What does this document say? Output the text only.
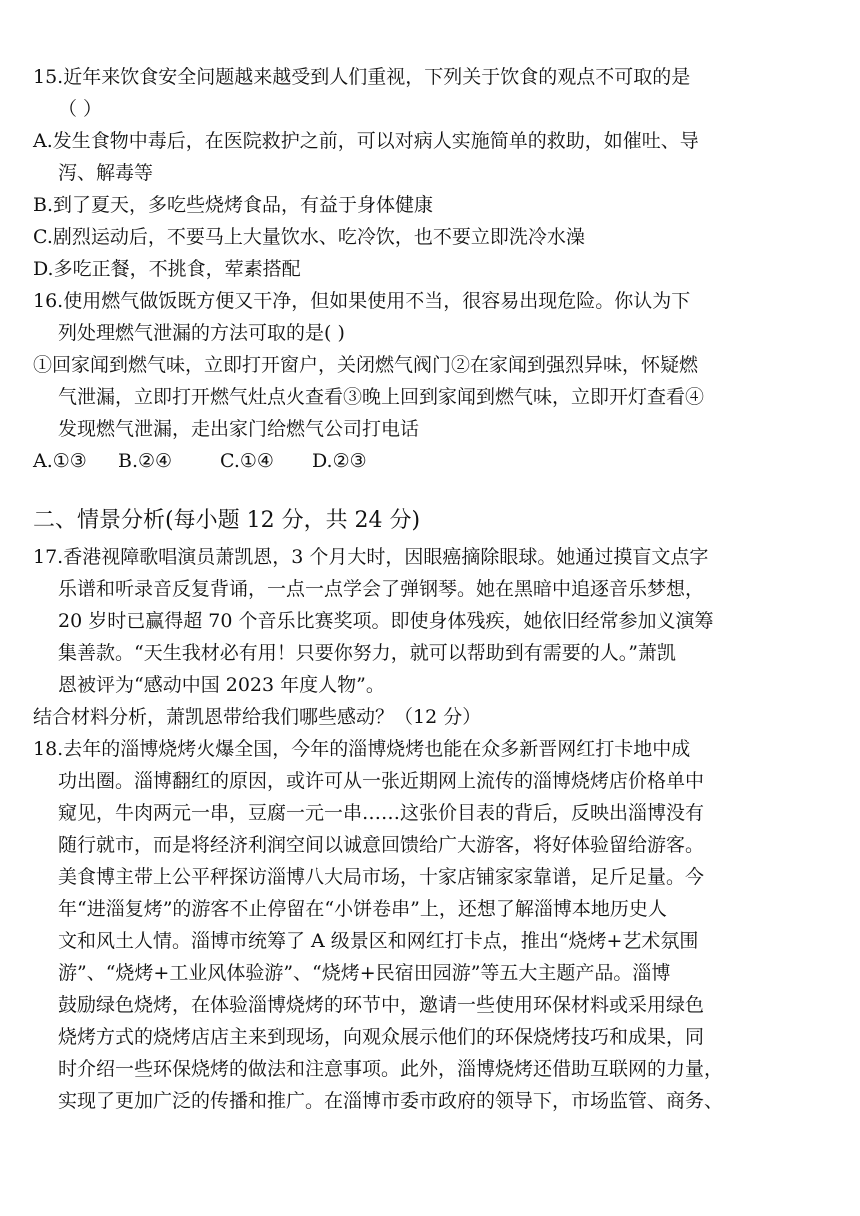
15.近年来饮食安全问题越来越受到人们重视，下列关于饮食的观点不可取的是
（ ）
A.发生食物中毒后，在医院救护之前，可以对病人实施简单的救助，如催吐、导
泻、解毒等
B.到了夏天，多吃些烧烤食品，有益于身体健康
C.剧烈运动后，不要马上大量饮水、吃冷饮，也不要立即洗冷水澡
D.多吃正餐，不挑食，荤素搭配
16.使用燃气做饭既方便又干净，但如果使用不当，很容易出现危险。你认为下
列处理燃气泄漏的方法可取的是( )
①回家闻到燃气味，立即打开窗户，关闭燃气阀门②在家闻到强烈异味，怀疑燃
气泄漏，立即打开燃气灶点火查看③晚上回到家闻到燃气味，立即开灯查看④
发现燃气泄漏，走出家门给燃气公司打电话
A.①③ B.②④	C.①④ D.②③
二、情景分析(每小题 12 分，共 24 分)
17.香港视障歌唱演员萧凯恩，3 个月大时，因眼癌摘除眼球。她通过摸盲文点字
乐谱和听录音反复背诵，一点一点学会了弹钢琴。她在黑暗中追逐音乐梦想，
20 岁时已赢得超 70 个音乐比赛奖项。即使身体残疾，她依旧经常参加义演筹
集善款。“天生我材必有用！只要你努力，就可以帮助到有需要的人。”萧凯
恩被评为“感动中国 2023 年度人物”。
结合材料分析，萧凯恩带给我们哪些感动？（12 分）
18.去年的淄博烧烤火爆全国，今年的淄博烧烤也能在众多新晋网红打卡地中成
功出圈。淄博翻红的原因，或许可从一张近期网上流传的淄博烧烤店价格单中
窥见，牛肉两元一串，豆腐一元一串……这张价目表的背后，反映出淄博没有
随行就市，而是将经济利润空间以诚意回馈给广大游客，将好体验留给游客。
美食博主带上公平秤探访淄博八大局市场，十家店铺家家靠谱，足斤足量。今
年“进淄复烤”的游客不止停留在“小饼卷串”上，还想了解淄博本地历史人
文和风土人情。淄博市统筹了 A 级景区和网红打卡点，推出“烧烤+艺术氛围
游”、“烧烤+工业风体验游”、“烧烤+民宿田园游”等五大主题产品。淄博
鼓励绿色烧烤，在体验淄博烧烤的环节中，邀请一些使用环保材料或采用绿色
烧烤方式的烧烤店店主来到现场，向观众展示他们的环保烧烤技巧和成果，同
时介绍一些环保烧烤的做法和注意事项。此外，淄博烧烤还借助互联网的力量，
实现了更加广泛的传播和推广。在淄博市委市政府的领导下，市场监管、商务、
